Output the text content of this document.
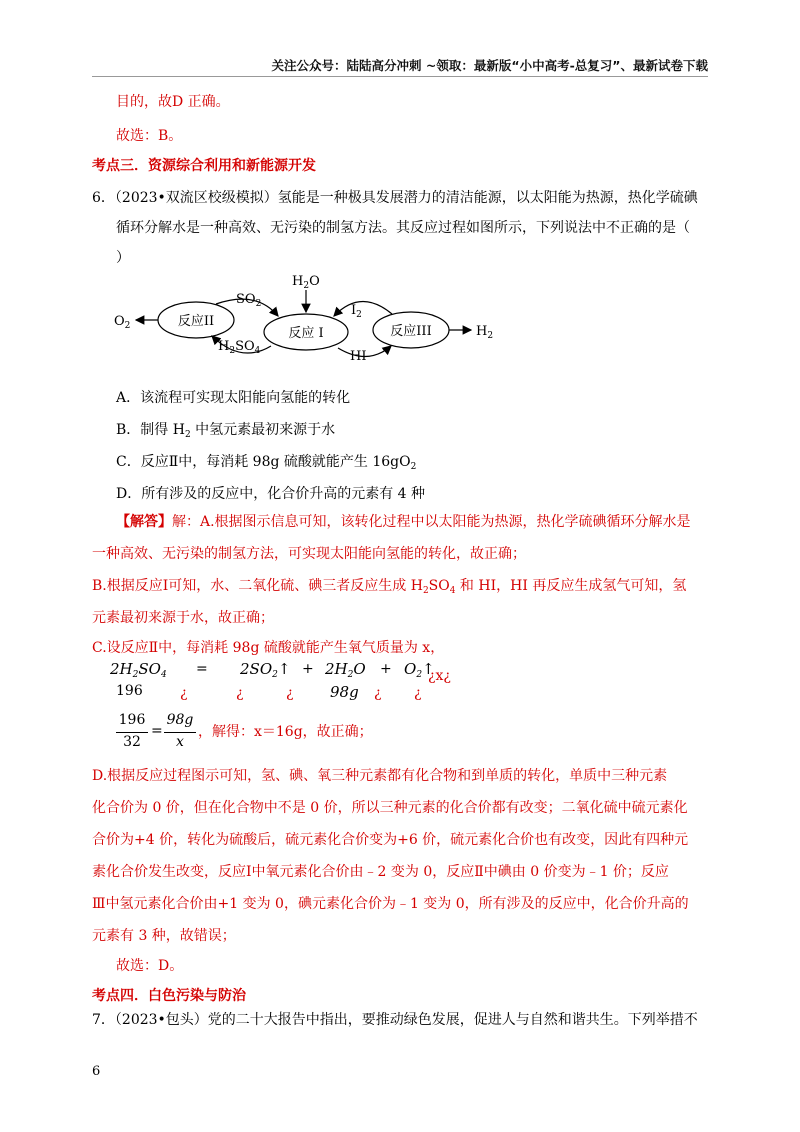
关注公众号：陆陆高分冲刺 ~领取：最新版“小中高考-总复习”、最新试卷下载
目的，故D 正确。
故选：B。
考点三．资源综合利用和新能源开发
6．（2023•双流区校级模拟）氢能是一种极具发展潜力的清洁能源，以太阳能为热源，热化学硫碘
循环分解水是一种高效、无污染的制氢方法。其反应过程如图所示，下列说法中不正确的是（
）
反应II
反应 I	反应III
$O_2$
$H_2O$
$SO_2$
$H_2SO_4$
$I_2$
HI
$H_2$
A．该流程可实现太阳能向氢能的转化
B．制得 $H_2$ 中氢元素最初来源于水
C．反应Ⅱ中，每消耗 98g 硫酸就能产生 $16gO_2$
D．所有涉及的反应中，化合价升高的元素有 4 种
【解答】解：A.根据图示信息可知，该转化过程中以太阳能为热源，热化学硫碘循环分解水是
一种高效、无污染的制氢方法，可实现太阳能向氢能的转化，故正确；
B.根据反应Ⅰ可知，水、二氧化硫、碘三者反应生成 $H_2SO_4$ 和 HI，HI 再反应生成氢气可知，氢
元素最初来源于水，故正确；
C.设反应Ⅱ中，每消耗 98g 硫酸就能产生氧气质量为 x，
$2H_2SO_4$ = $2SO_2↑ + 2H_2O$ + $O_2↑$
¿x¿
196	¿	¿	¿ 98g ¿ ¿
196
32
=
98g
x
，解得：x＝16g，故正确；
D.根据反应过程图示可知，氢、碘、氧三种元素都有化合物和到单质的转化，单质中三种元素
化合价为 0 价，但在化合物中不是 0 价，所以三种元素的化合价都有改变；二氧化硫中硫元素化
合价为+4 价，转化为硫酸后，硫元素化合价变为+6 价，硫元素化合价也有改变，因此有四种元
素化合价发生改变，反应Ⅰ中氧元素化合价由﹣2 变为 0，反应Ⅱ中碘由 0 价变为﹣1 价；反应
Ⅲ中氢元素化合价由+1 变为 0，碘元素化合价为﹣1 变为 0，所有涉及的反应中，化合价升高的
元素有 3 种，故错误；
故选：D。
考点四．白色污染与防治
7．（2023•包头）党的二十大报告中指出，要推动绿色发展，促进人与自然和谐共生。下列举措不
6
